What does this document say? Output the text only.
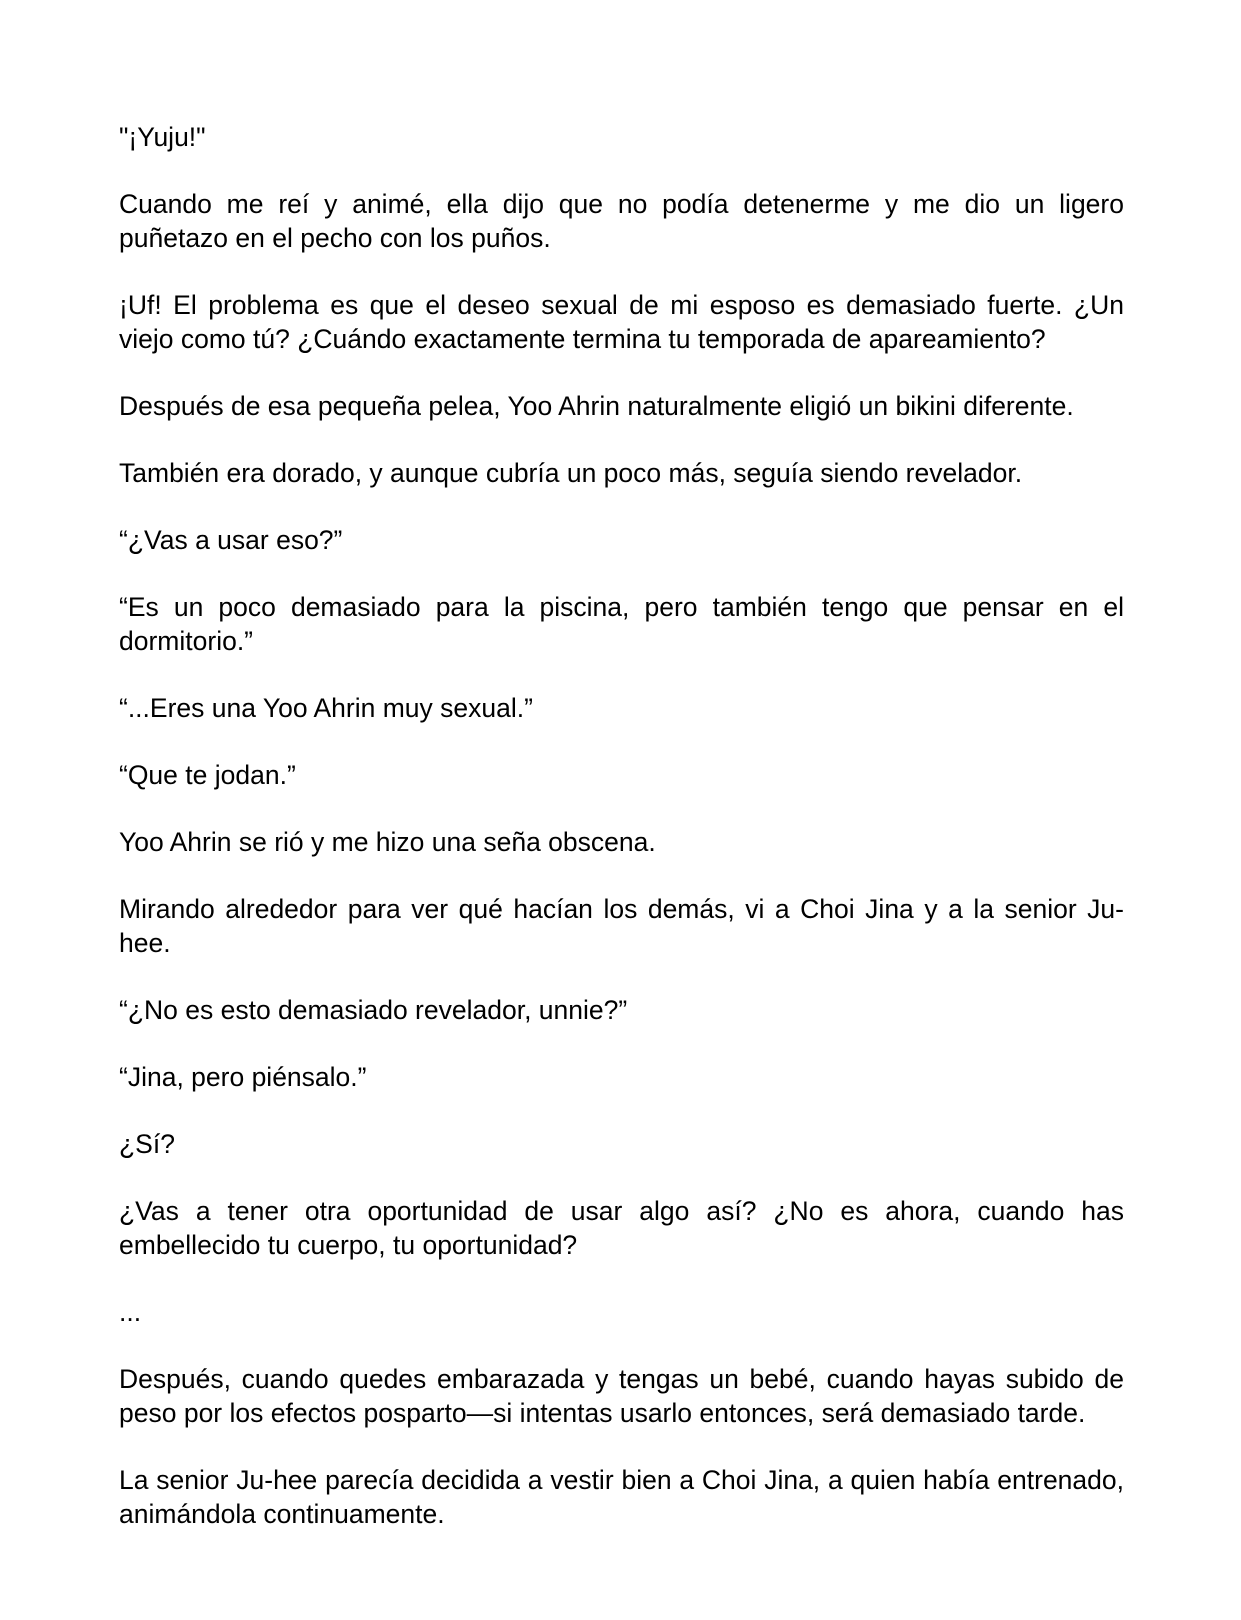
"¡Yuju!"

Cuando me reí y animé, ella dijo que no podía detenerme y me dio un ligero puñetazo en el pecho con los puños.

¡Uf! El problema es que el deseo sexual de mi esposo es demasiado fuerte. ¿Un viejo como tú? ¿Cuándo exactamente termina tu temporada de apareamiento?

Después de esa pequeña pelea, Yoo Ahrin naturalmente eligió un bikini diferente.

También era dorado, y aunque cubría un poco más, seguía siendo revelador.

“¿Vas a usar eso?”

“Es un poco demasiado para la piscina, pero también tengo que pensar en el dormitorio.”

“...Eres una Yoo Ahrin muy sexual.”

“Que te jodan.”

Yoo Ahrin se rió y me hizo una seña obscena.

Mirando alrededor para ver qué hacían los demás, vi a Choi Jina y a la senior Ju-hee.

“¿No es esto demasiado revelador, unnie?”

“Jina, pero piénsalo.”

¿Sí?

¿Vas a tener otra oportunidad de usar algo así? ¿No es ahora, cuando has embellecido tu cuerpo, tu oportunidad?

...

Después, cuando quedes embarazada y tengas un bebé, cuando hayas subido de peso por los efectos posparto—si intentas usarlo entonces, será demasiado tarde.

La senior Ju-hee parecía decidida a vestir bien a Choi Jina, a quien había entrenado, animándola continuamente.
